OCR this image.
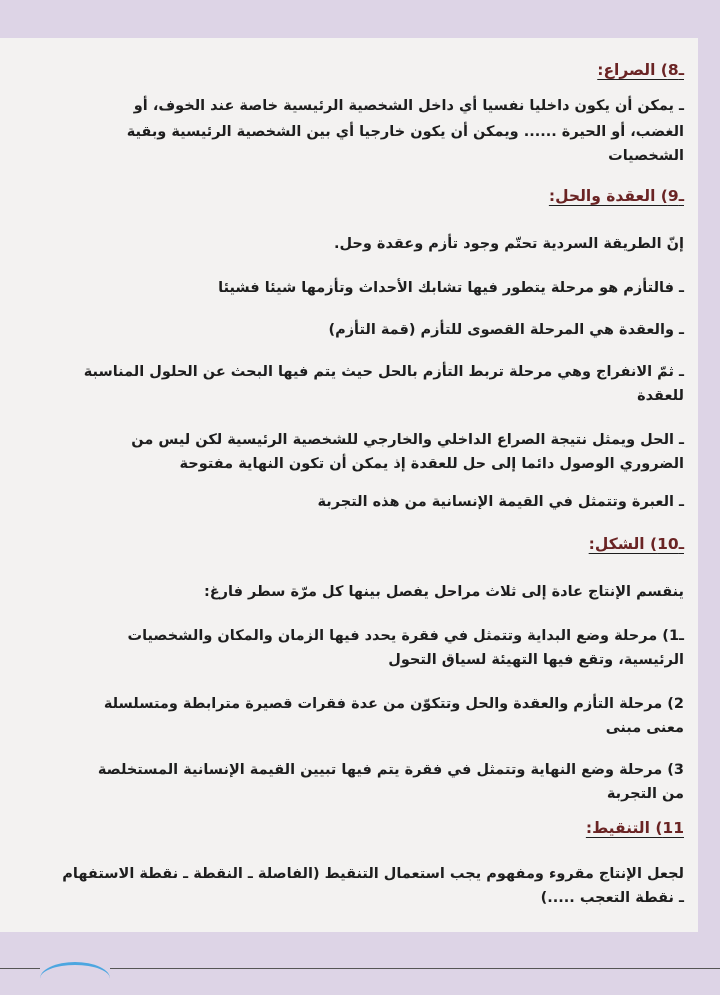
ـ8) الصراع:
ـ يمكن أن يكون داخليا نفسيا أي داخل الشخصية الرئيسية خاصة عند الخوف، أو
الغضب، أو الحيرة ...... ويمكن أن يكون خارجيا أي بين الشخصية الرئيسية وبقية
الشخصيات
ـ9) العقدة والحل:
إنّ الطريقة السردية تحتّم وجود تأزم وعقدة وحل.
ـ فالتأزم هو مرحلة يتطور فيها تشابك الأحداث وتأزمها شيئا فشيئا
ـ والعقدة هي المرحلة القصوى للتأزم (قمة التأزم)
ـ ثمّ الانفراج وهي مرحلة تربط التأزم بالحل حيث يتم فيها البحث عن الحلول المناسبة
للعقدة
ـ الحل ويمثل نتيجة الصراع الداخلي والخارجي للشخصية الرئيسية لكن ليس من
الضروري الوصول دائما إلى حل للعقدة إذ يمكن أن تكون النهاية مفتوحة
ـ العبرة وتتمثل في القيمة الإنسانية من هذه التجربة
ـ10) الشكل:
ينقسم الإنتاج عادة إلى ثلاث مراحل يفصل بينها كل مرّة سطر فارغ:
ـ1) مرحلة وضع البداية وتتمثل في فقرة يحدد فيها الزمان والمكان والشخصيات
الرئيسية، وتقع فيها التهيئة لسياق التحول
2) مرحلة التأزم والعقدة والحل وتتكوّن من عدة فقرات قصيرة مترابطة ومتسلسلة
معنى مبنى
3) مرحلة وضع النهاية وتتمثل في فقرة يتم فيها تبيين القيمة الإنسانية المستخلصة
من التجربة
11) التنقيط:
لجعل الإنتاج مقروء ومفهوم يجب استعمال التنقيط (الفاصلة ـ النقطة ـ نقطة الاستفهام
ـ نقطة التعجب .....)
